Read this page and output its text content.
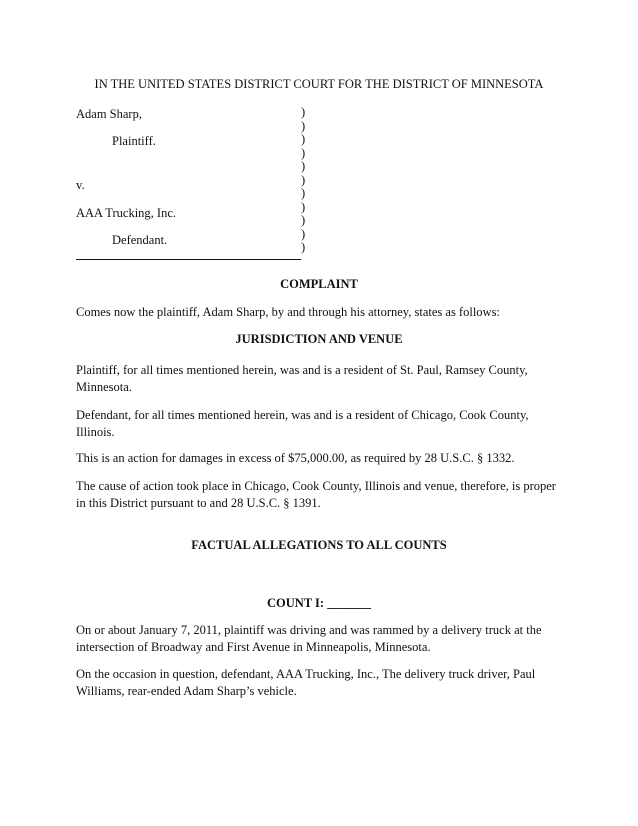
IN THE UNITED STATES DISTRICT COURT FOR THE DISTRICT OF MINNESOTA
Adam Sharp,
Plaintiff.
v.
AAA Trucking, Inc.
Defendant.
)
)
)
)
)
)
)
)
)
)
)
COMPLAINT
Comes now the plaintiff, Adam Sharp, by and through his attorney, states as follows:
JURISDICTION AND VENUE
Plaintiff, for all times mentioned herein, was and is a resident of St. Paul, Ramsey County, Minnesota.
Defendant, for all times mentioned herein, was and is a resident of Chicago, Cook County, Illinois.
This is an action for damages in excess of $75,000.00, as required by 28 U.S.C. § 1332.
The cause of action took place in Chicago, Cook County, Illinois and venue, therefore, is proper in this District pursuant to and 28 U.S.C. § 1391.
FACTUAL ALLEGATIONS TO ALL COUNTS
COUNT I: _______
On or about January 7, 2011, plaintiff was driving and was rammed by a delivery truck at the intersection of Broadway and First Avenue in Minneapolis, Minnesota.
On the occasion in question, defendant, AAA Trucking, Inc., The delivery truck driver, Paul Williams, rear-ended Adam Sharp’s vehicle.
